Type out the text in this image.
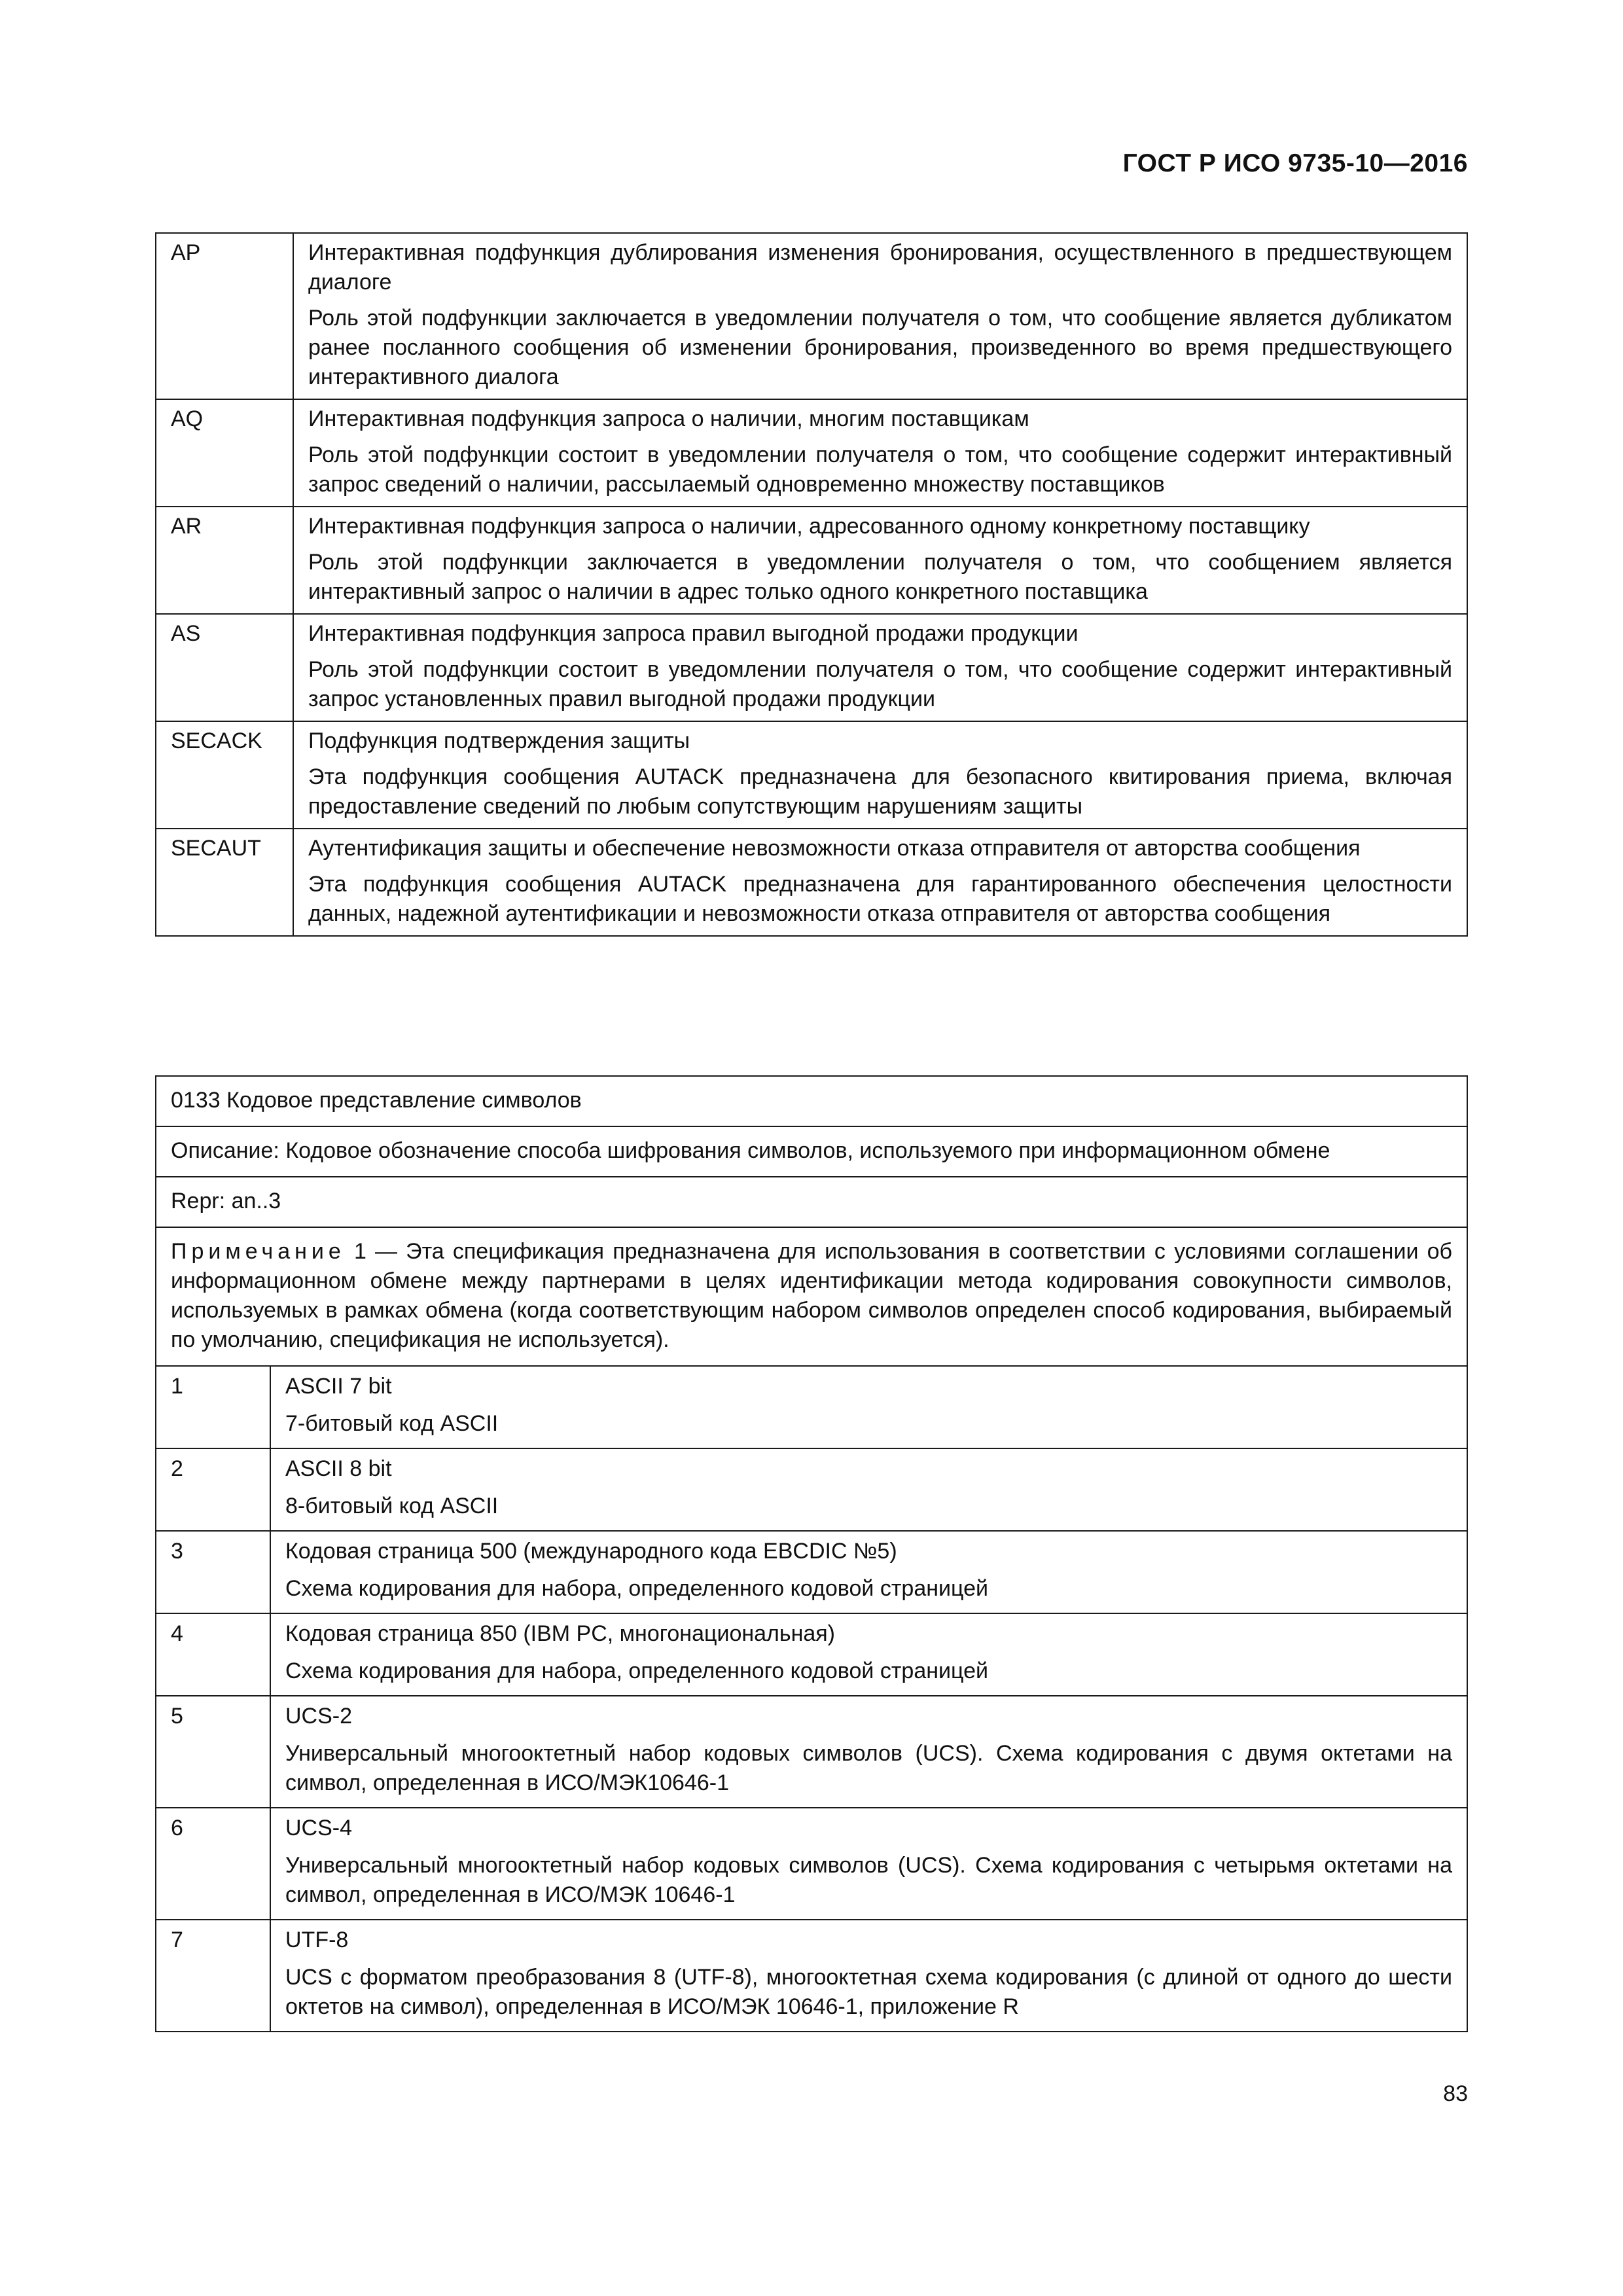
ГОСТ Р ИСО 9735-10—2016
AP	Интерактивная подфункция дублирования изменения бронирования, осуществленного в предшествующем диалоге

Роль этой подфункции заключается в уведомлении получателя о том, что сообщение является дубликатом ранее посланного сообщения об изменении бронирования, произведенного во время предшествующего интерактивного диалога

AQ	Интерактивная подфункция запроса о наличии, многим поставщикам

Роль этой подфункции состоит в уведомлении получателя о том, что сообщение содержит интерактивный запрос сведений о наличии, рассылаемый одновременно множеству поставщиков

AR	Интерактивная подфункция запроса о наличии, адресованного одному конкретному поставщику

Роль этой подфункции заключается в уведомлении получателя о том, что сообщением является интерактивный запрос о наличии в адрес только одного конкретного поставщика

AS	Интерактивная подфункция запроса правил выгодной продажи продукции

Роль этой подфункции состоит в уведомлении получателя о том, что сообщение содержит интерактивный запрос установленных правил выгодной продажи продукции

SECACK	Подфункция подтверждения защиты

Эта подфункция сообщения AUTACK предназначена для безопасного квитирования приема, включая предоставление сведений по любым сопутствующим нарушениям защиты

SECAUT	Аутентификация защиты и обеспечение невозможности отказа отправителя от авторства сообщения

Эта подфункция сообщения AUTACK предназначена для гарантированного обеспечения целостности данных, надежной аутентификации и невозможности отказа отправителя от авторства сообщения

0133 Кодовое представление символов	
Описание: Кодовое обозначение способа шифрования символов, используемого при информационном обмене	
Repr: an..3	

Примечание 1 — Эта спецификация предназначена для использования в соответствии с условиями соглашении об информационном обмене между партнерами в целях идентификации метода кодирования совокупности символов, используемых в рамках обмена (когда соответствующим набором символов определен способ кодирования, выбираемый по умолчанию, спецификация не используется).	

1	ASCII 7 bit

7-битовый код ASCII

2	ASCII 8 bit

8-битовый код ASCII

3	Кодовая страница 500 (международного кода EBCDIC №5)

Схема кодирования для набора, определенного кодовой страницей

4	Кодовая страница 850 (IBM PC, многонациональная)

Схема кодирования для набора, определенного кодовой страницей

5	UCS-2

Универсальный многооктетный набор кодовых символов (UCS). Схема кодирования с двумя октетами на символ, определенная в ИСО/МЭК10646-1

6	UCS-4

Универсальный многооктетный набор кодовых символов (UCS). Схема кодирования с четырьмя октетами на символ, определенная в ИСО/МЭК 10646-1

7	UTF-8

UCS с форматом преобразования 8 (UTF-8), многооктетная схема кодирования (с длиной от одного до шести октетов на символ), определенная в ИСО/МЭК 10646-1, приложение R

83
